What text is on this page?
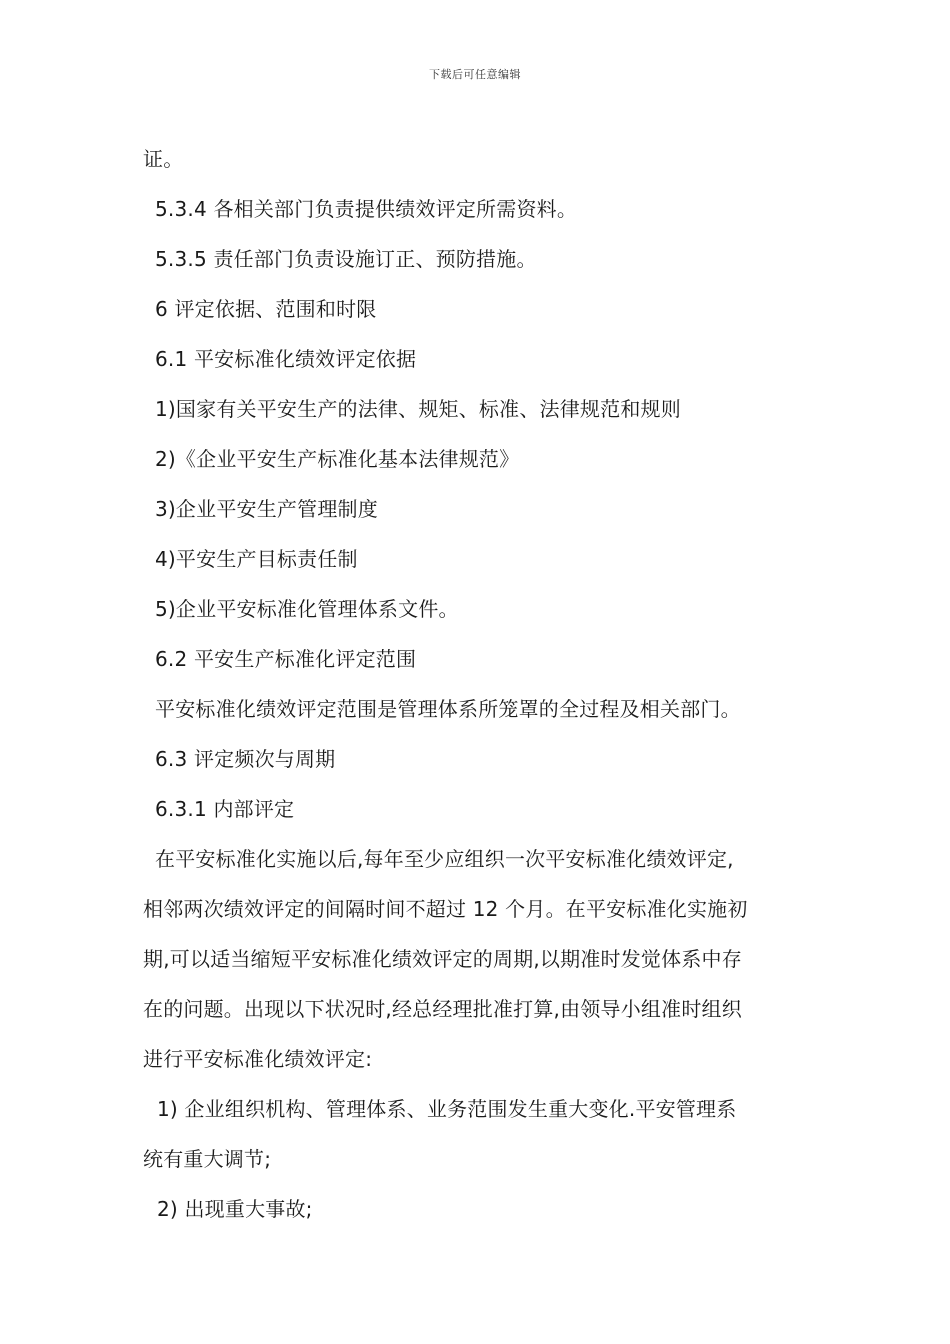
下载后可任意编辑
证。
5.3.4 各相关部门负责提供绩效评定所需资料。
5.3.5 责任部门负责设施订正、预防措施。
6 评定依据、范围和时限
6.1 平安标准化绩效评定依据
1)国家有关平安生产的法律、规矩、标准、法律规范和规则
2)《企业平安生产标准化基本法律规范》
3)企业平安生产管理制度
4)平安生产目标责任制
5)企业平安标准化管理体系文件。
6.2 平安生产标准化评定范围
平安标准化绩效评定范围是管理体系所笼罩的全过程及相关部门。
6.3 评定频次与周期
6.3.1 内部评定
在平安标准化实施以后,每年至少应组织一次平安标准化绩效评定,
相邻两次绩效评定的间隔时间不超过 12 个月。在平安标准化实施初
期,可以适当缩短平安标准化绩效评定的周期,以期准时发觉体系中存
在的问题。出现以下状况时,经总经理批准打算,由领导小组准时组织
进行平安标准化绩效评定:
1) 企业组织机构、管理体系、业务范围发生重大变化.平安管理系
统有重大调节;
2) 出现重大事故;
